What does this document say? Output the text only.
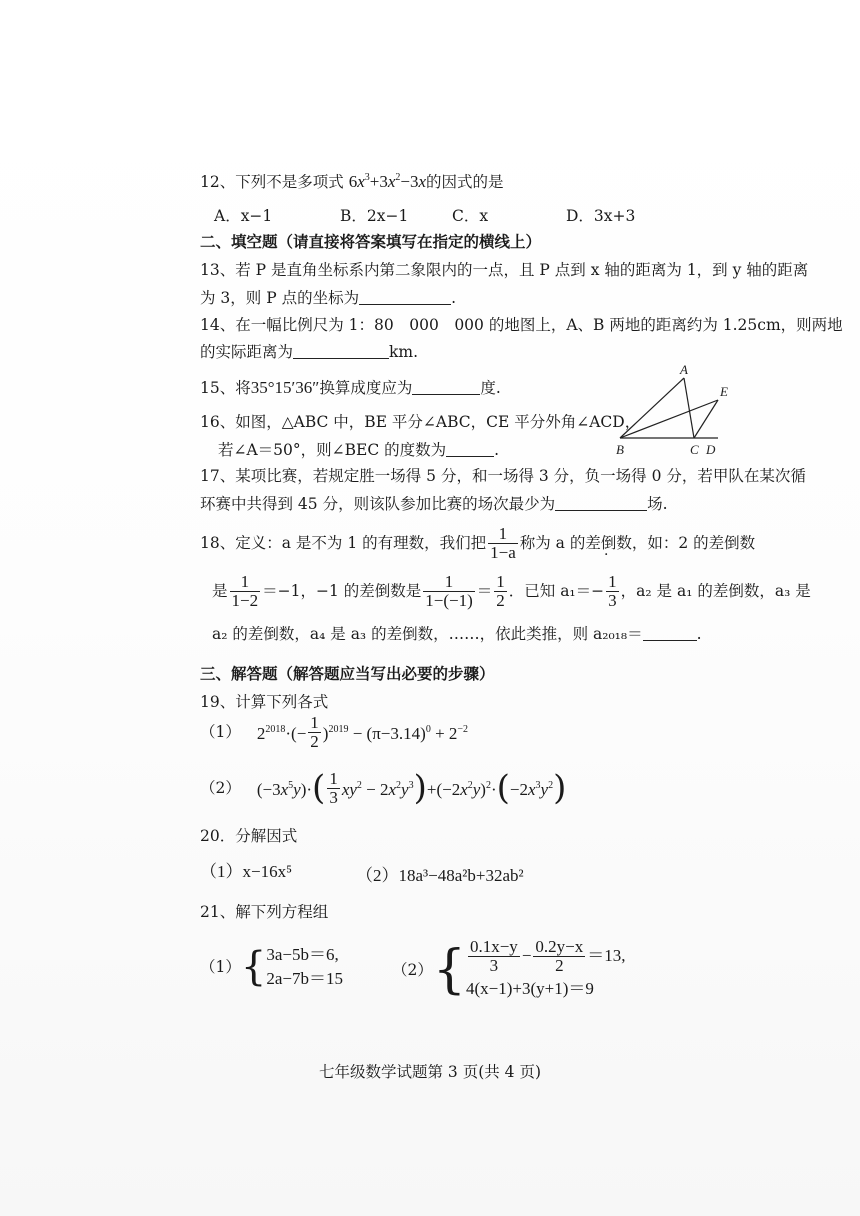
12、下列不是多项式 $6x^3+3x^2-3x$的因式的是
A．x−1	B．2x−1	C．x	D．3x+3
二、填空题（请直接将答案填写在指定的横线上）
13、若 P 是直角坐标系内第二象限内的一点，且 P 点到 x 轴的距离为 1，到 y 轴的距离
为 3，则 P 点的坐标为	.
14、在一幅比例尺为 1：80　000　000 的地图上，A、B 两地的距离约为 1.25cm，则两地
的实际距离为	km.
15、将35°15′36″换算成度应为	度.
16、如图，△ABC 中，BE 平分∠ABC，CE 平分外角∠ACD，
若∠A＝50°，则∠BEC 的度数为	.
A
E
B	C D
17、某项比赛，若规定胜一场得 5 分，和一场得 3 分，负一场得 0 分，若甲队在某次循
环赛中共得到 45 分，则该队参加比赛的场次最少为	场.
18、定义：a 是不为 1 的有理数，我们把 $\frac{1}{1-a}$ 称为 a 的 差倒数 · ，如：2 的差倒数
是 $\frac{1}{1-2} =-1$，−1 的差倒数是 $\frac{1}{1-(-1)} = \frac{1}{2}$ ．已知 $a_1=- \frac{1}{3}$ ，a₂ 是 a₁ 的差倒数，a₃ 是
a₂ 的差倒数，a₄ 是 a₃ 的差倒数，……，依此类推，则 a₂₀₁₈＝	.
三、解答题（解答题应当写出必要的步骤）
19、计算下列各式
（1） $2^{2018}\cdot(- \frac{1}{2} )^{2019} - (\pi-3.14)^0 + 2^{-2}$
（2） $(-3x^5y)\cdot$ ( $\frac{1}{3} xy^2 - 2x^2y^3$ ) $+(-2x^2y)^2\cdot$ ( $-2x^3y^2$ )
20．分解因式
（1）x−16x⁵	（2）18a³−48a²b+32ab²
21、解下列方程组
（1） { 3a−5b＝6,
2a−7b＝15	（2） { $\frac{0.1x-y}{3} - \frac{0.2y-x}{2} =13$,
4(x−1)+3(y+1)＝9
七年级数学试题第 3 页(共 4 页)
